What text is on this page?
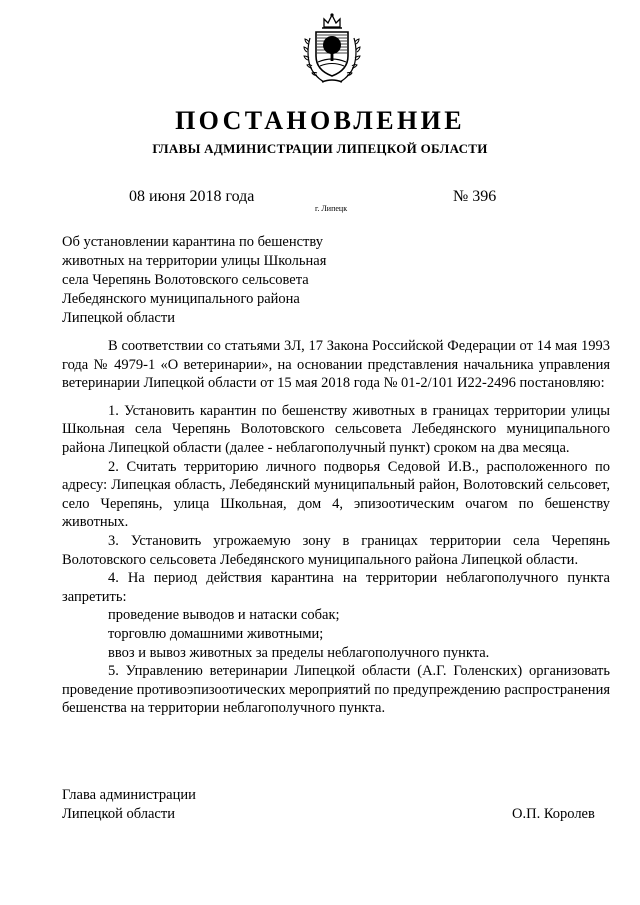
ПОСТАНОВЛЕНИЕ
ГЛАВЫ АДМИНИСТРАЦИИ ЛИПЕЦКОЙ ОБЛАСТИ
08 июня 2018 года
г. Липецк
№ 396
Об установлении карантина по бешенству
животных на территории улицы Школьная
села Черепянь Волотовского сельсовета
Лебедянского муниципального района
Липецкой области
В соответствии со статьями 3Л, 17 Закона Российской Федерации от 14 мая 1993 года № 4979-1 «О ветеринарии», на основании представления начальника управления ветеринарии Липецкой области от 15 мая 2018 года № 01-2/101 И22-2496 постановляю:
1. Установить карантин по бешенству животных в границах территории улицы Школьная села Черепянь Волотовского сельсовета Лебедянского муниципального района Липецкой области (далее - неблагополучный пункт) сроком на два месяца.
2. Считать территорию личного подворья Седовой И.В., расположенного по адресу: Липецкая область, Лебедянский муниципальный район, Волотовский сельсовет, село Черепянь, улица Школьная, дом 4, эпизоотическим очагом по бешенству животных.
3. Установить угрожаемую зону в границах территории села Черепянь Волотовского сельсовета Лебедянского муниципального района Липецкой области.
4. На период действия карантина на территории неблагополучного пункта запретить:
проведение выводов и натаски собак;
торговлю домашними животными;
ввоз и вывоз животных за пределы неблагополучного пункта.
5. Управлению ветеринарии Липецкой области (А.Г. Голенских) организовать проведение противоэпизоотических мероприятий по предупреждению распространения бешенства на территории неблагополучного пункта.
Глава администрации
Липецкой области	О.П. Королев
